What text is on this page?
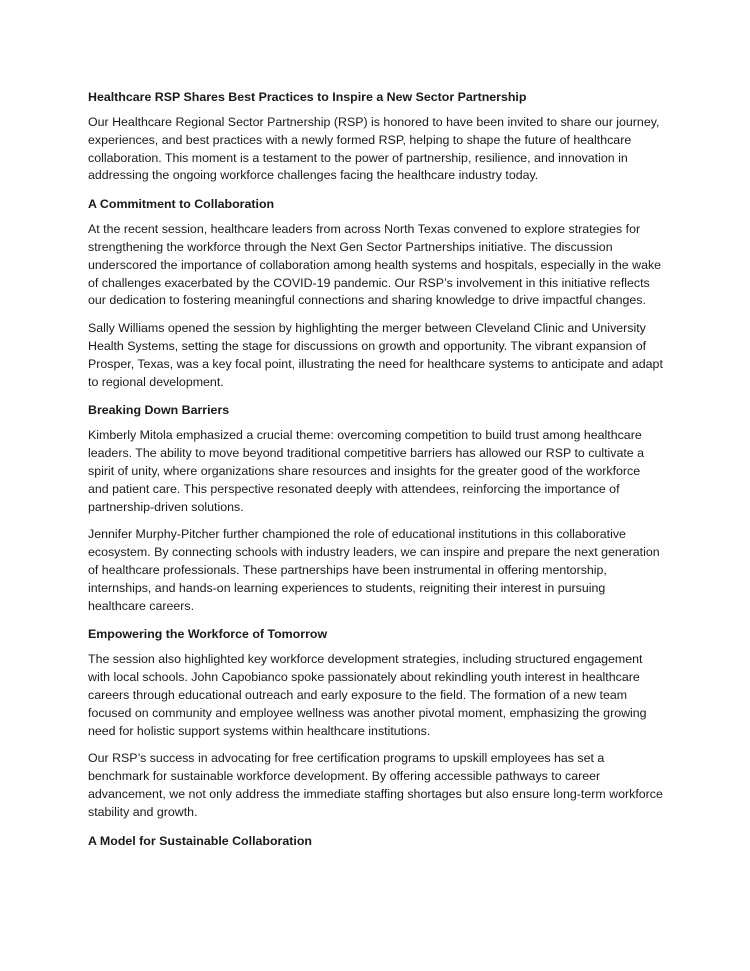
Healthcare RSP Shares Best Practices to Inspire a New Sector Partnership
Our Healthcare Regional Sector Partnership (RSP) is honored to have been invited to share our journey, experiences, and best practices with a newly formed RSP, helping to shape the future of healthcare collaboration. This moment is a testament to the power of partnership, resilience, and innovation in addressing the ongoing workforce challenges facing the healthcare industry today.
A Commitment to Collaboration
At the recent session, healthcare leaders from across North Texas convened to explore strategies for strengthening the workforce through the Next Gen Sector Partnerships initiative. The discussion underscored the importance of collaboration among health systems and hospitals, especially in the wake of challenges exacerbated by the COVID-19 pandemic. Our RSP’s involvement in this initiative reflects our dedication to fostering meaningful connections and sharing knowledge to drive impactful changes.
Sally Williams opened the session by highlighting the merger between Cleveland Clinic and University Health Systems, setting the stage for discussions on growth and opportunity. The vibrant expansion of Prosper, Texas, was a key focal point, illustrating the need for healthcare systems to anticipate and adapt to regional development.
Breaking Down Barriers
Kimberly Mitola emphasized a crucial theme: overcoming competition to build trust among healthcare leaders. The ability to move beyond traditional competitive barriers has allowed our RSP to cultivate a spirit of unity, where organizations share resources and insights for the greater good of the workforce and patient care. This perspective resonated deeply with attendees, reinforcing the importance of partnership-driven solutions.
Jennifer Murphy-Pitcher further championed the role of educational institutions in this collaborative ecosystem. By connecting schools with industry leaders, we can inspire and prepare the next generation of healthcare professionals. These partnerships have been instrumental in offering mentorship, internships, and hands-on learning experiences to students, reigniting their interest in pursuing healthcare careers.
Empowering the Workforce of Tomorrow
The session also highlighted key workforce development strategies, including structured engagement with local schools. John Capobianco spoke passionately about rekindling youth interest in healthcare careers through educational outreach and early exposure to the field. The formation of a new team focused on community and employee wellness was another pivotal moment, emphasizing the growing need for holistic support systems within healthcare institutions.
Our RSP’s success in advocating for free certification programs to upskill employees has set a benchmark for sustainable workforce development. By offering accessible pathways to career advancement, we not only address the immediate staffing shortages but also ensure long-term workforce stability and growth.
A Model for Sustainable Collaboration
